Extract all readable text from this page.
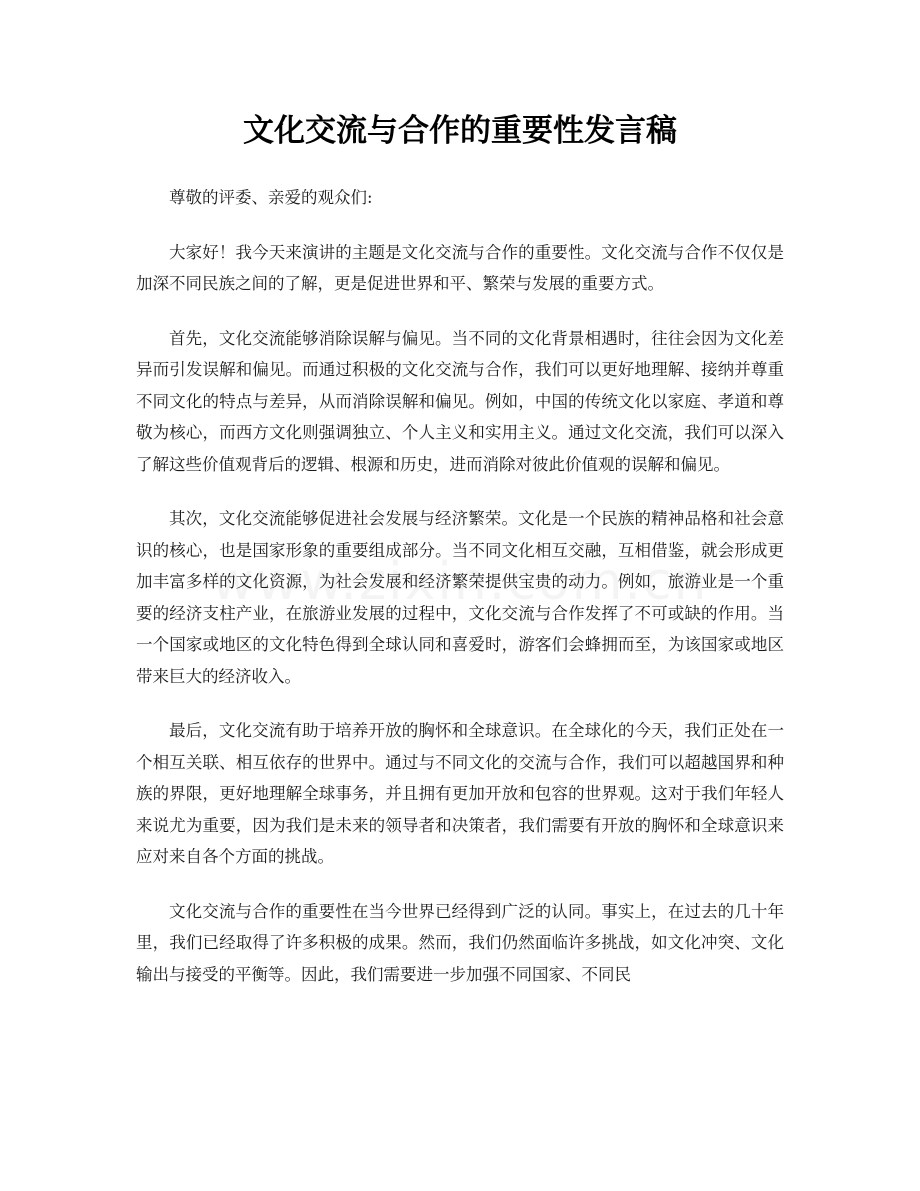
文化交流与合作的重要性发言稿

尊敬的评委、亲爱的观众们:

大家好！我今天来演讲的主题是文化交流与合作的重要性。文化交流与合作不仅仅是加深不同民族之间的了解，更是促进世界和平、繁荣与发展的重要方式。

首先，文化交流能够消除误解与偏见。当不同的文化背景相遇时，往往会因为文化差异而引发误解和偏见。而通过积极的文化交流与合作，我们可以更好地理解、接纳并尊重不同文化的特点与差异，从而消除误解和偏见。例如，中国的传统文化以家庭、孝道和尊敬为核心，而西方文化则强调独立、个人主义和实用主义。通过文化交流，我们可以深入了解这些价值观背后的逻辑、根源和历史，进而消除对彼此价值观的误解和偏见。

其次，文化交流能够促进社会发展与经济繁荣。文化是一个民族的精神品格和社会意识的核心，也是国家形象的重要组成部分。当不同文化相互交融，互相借鉴，就会形成更加丰富多样的文化资源，为社会发展和经济繁荣提供宝贵的动力。例如，旅游业是一个重要的经济支柱产业，在旅游业发展的过程中，文化交流与合作发挥了不可或缺的作用。当一个国家或地区的文化特色得到全球认同和喜爱时，游客们会蜂拥而至，为该国家或地区带来巨大的经济收入。

最后，文化交流有助于培养开放的胸怀和全球意识。在全球化的今天，我们正处在一个相互关联、相互依存的世界中。通过与不同文化的交流与合作，我们可以超越国界和种族的界限，更好地理解全球事务，并且拥有更加开放和包容的世界观。这对于我们年轻人来说尤为重要，因为我们是未来的领导者和决策者，我们需要有开放的胸怀和全球意识来应对来自各个方面的挑战。

文化交流与合作的重要性在当今世界已经得到广泛的认同。事实上，在过去的几十年里，我们已经取得了许多积极的成果。然而，我们仍然面临许多挑战，如文化冲突、文化输出与接受的平衡等。因此，我们需要进一步加强不同国家、不同民
